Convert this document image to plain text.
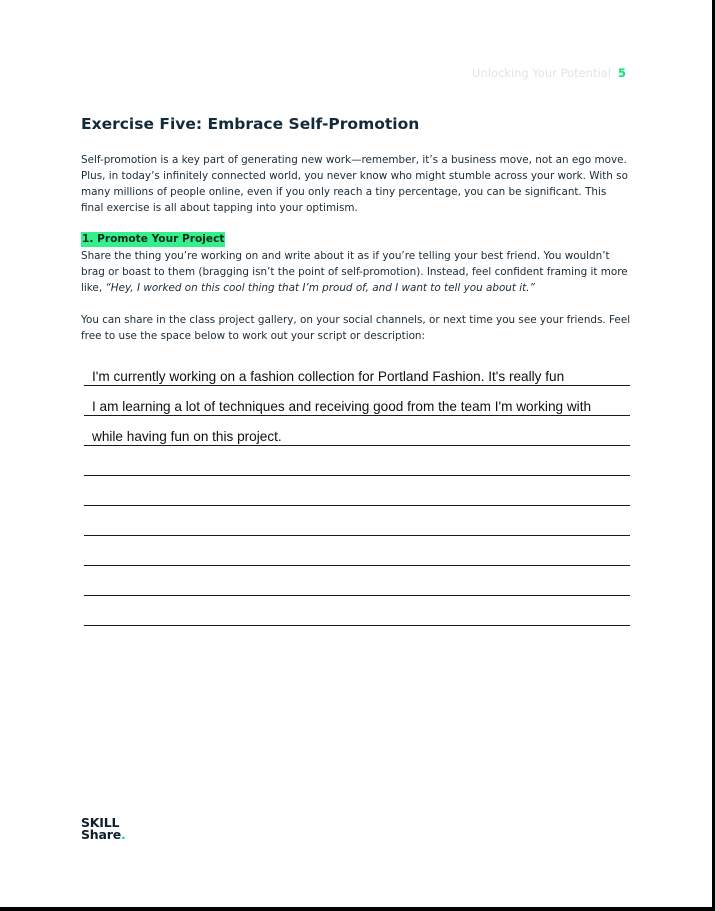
Unlocking Your Potential 5
Exercise Five: Embrace Self-Promotion

Self-promotion is a key part of generating new work—remember, it’s a business move, not an ego move. Plus, in today’s infinitely connected world, you never know who might stumble across your work. With so many millions of people online, even if you only reach a tiny percentage, you can be significant. This final exercise is all about tapping into your optimism.

1. Promote Your Project

Share the thing you’re working on and write about it as if you’re telling your best friend. You wouldn’t brag or boast to them (bragging isn’t the point of self-promotion). Instead, feel confident framing it more like, “Hey, I worked on this cool thing that I’m proud of, and I want to tell you about it.”

You can share in the class project gallery, on your social channels, or next time you see your friends. Feel free to use the space below to work out your script or description:

I'm currently working on a fashion collection for Portland Fashion. It's really fun
I am learning a lot of techniques and receiving good from the team I'm working with
while having fun on this project.
SKILL
Share.
